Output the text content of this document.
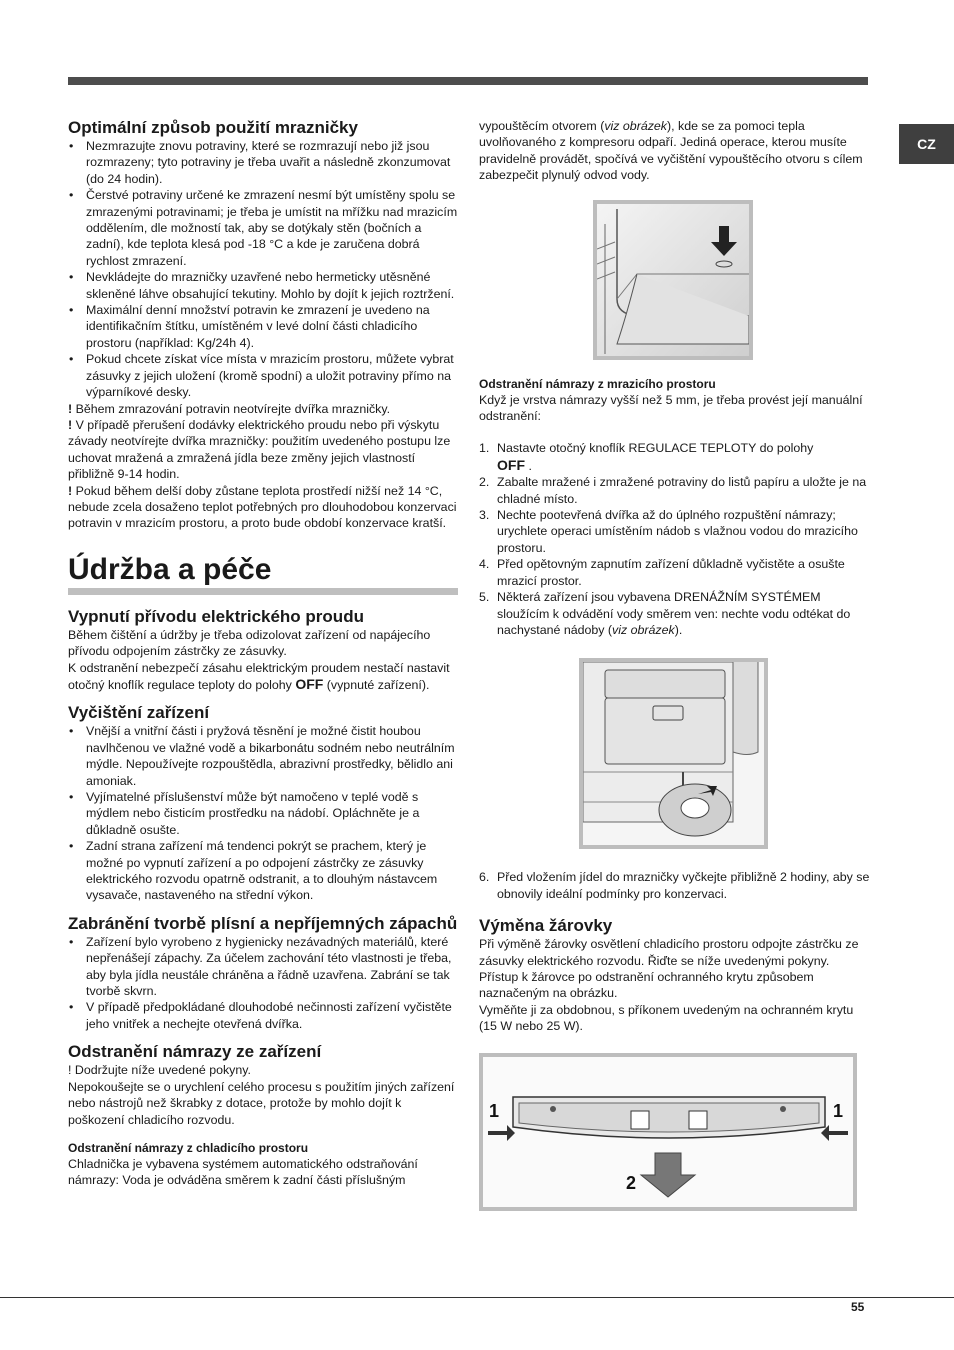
CZ
Optimální způsob použití mrazničky
• Nezmrazujte znovu potraviny, které se rozmrazují nebo již jsou rozmrazeny; tyto potraviny je třeba uvařit a následně zkonzumovat (do 24 hodin).
• Čerstvé potraviny určené ke zmrazení nesmí být umístěny spolu se zmrazenými potravinami; je třeba je umístit na mřížku nad mrazicím oddělením, dle možností tak, aby se dotýkaly stěn (bočních a zadní), kde teplota klesá pod -18 °C a kde je zaručena dobrá rychlost zmrazení.
• Nevkládejte do mrazničky uzavřené nebo hermeticky utěsněné skleněné láhve obsahující tekutiny. Mohlo by dojít k jejich roztržení.
• Maximální denní množství potravin ke zmrazení je uvedeno na identifikačním štítku, umístěném v levé dolní části chladicího prostoru (například: Kg/24h 4).
• Pokud chcete získat více místa v mrazicím prostoru, můžete vybrat zásuvky z jejich uložení (kromě spodní) a uložit potraviny přímo na výparníkové desky.

! Během zmrazování potravin neotvírejte dvířka mrazničky.

! V případě přerušení dodávky elektrického proudu nebo při výskytu závady neotvírejte dvířka mrazničky: použitím uvedeného postupu lze uchovat mražená a zmražená jídla beze změny jejich vlastností přibližně 9-14 hodin.

! Pokud během delší doby zůstane teplota prostředí nižší než 14 °C, nebude zcela dosaženo teplot potřebných pro dlouhodobou konzervaci potravin v mrazicím prostoru, a proto bude období konzervace kratší.

Údržba a péče
Vypnutí přívodu elektrického proudu

Během čištění a údržby je třeba odizolovat zařízení od napájecího přívodu odpojením zástrčky ze zásuvky.

K odstranění nebezpečí zásahu elektrickým proudem nestačí nastavit otočný knoflík regulace teploty do polohy OFF (vypnuté zařízení).

Vyčištění zařízení
• Vnější a vnitřní části i pryžová těsnění je možné čistit houbou navlhčenou ve vlažné vodě a bikarbonátu sodném nebo neutrálním mýdle. Nepoužívejte rozpouštědla, abrazivní prostředky, bělidlo ani amoniak.
• Vyjímatelné příslušenství může být namočeno v teplé vodě s mýdlem nebo čisticím prostředku na nádobí. Opláchněte je a důkladně osušte.
• Zadní strana zařízení má tendenci pokrýt se prachem, který je možné po vypnutí zařízení a po odpojení zástrčky ze zásuvky elektrického rozvodu opatrně odstranit, a to dlouhým nástavcem vysavače, nastaveného na střední výkon.
Zabránění tvorbě plísní a nepříjemných zápachů
• Zařízení bylo vyrobeno z hygienicky nezávadných materiálů, které nepřenášejí zápachy. Za účelem zachování této vlastnosti je třeba, aby byla jídla neustále chráněna a řádně uzavřena. Zabrání se tak tvorbě skvrn.
• V případě předpokládané dlouhodobé nečinnosti zařízení vyčistěte jeho vnitřek a nechejte otevřená dvířka.
Odstranění námrazy ze zařízení

! Dodržujte níže uvedené pokyny.

Nepokoušejte se o urychlení celého procesu s použitím jiných zařízení nebo nástrojů než škrabky z dotace, protože by mohlo dojít k poškození chladicího rozvodu.

Odstranění námrazy z chladicího prostoru

Chladnička je vybavena systémem automatického odstraňování námrazy: Voda je odváděna směrem k zadní části příslušným

vypouštěcím otvorem (viz obrázek), kde se za pomoci tepla uvolňovaného z kompresoru odpaří. Jediná operace, kterou musíte pravidelně provádět, spočívá ve vyčištění vypouštěcího otvoru s cílem zabezpečit plynulý odvod vody.

Odstranění námrazy z mrazicího prostoru

Když je vrstva námrazy vyšší než 5 mm, je třeba provést její manuální odstranění:

1. Nastavte otočný knoflík REGULACE TEPLOTY do polohy
OFF .
2. Zabalte mražené i zmražené potraviny do listů papíru a uložte je na chladné místo.
3. Nechte pootevřená dvířka až do úplného rozpuštění námrazy; urychlete operaci umístěním nádob s vlažnou vodou do mrazicího prostoru.
4. Před opětovným zapnutím zařízení důkladně vyčistěte a osušte mrazicí prostor.
5. Některá zařízení jsou vybavena DRENÁŽNÍM SYSTÉMEM sloužícím k odvádění vody směrem ven: nechte vodu odtékat do nachystané nádoby (viz obrázek).
6. Před vložením jídel do mrazničky vyčkejte přibližně 2 hodiny, aby se obnovily ideální podmínky pro konzervaci.
Výměna žárovky

Při výměně žárovky osvětlení chladicího prostoru odpojte zástrčku ze zásuvky elektrického rozvodu. Řiďte se níže uvedenými pokyny. Přístup k žárovce po odstranění ochranného krytu způsobem naznačeným na obrázku.

Vyměňte ji za obdobnou, s příkonem uvedeným na ochranném krytu (15 W nebo 25 W).

1	1
2
55
